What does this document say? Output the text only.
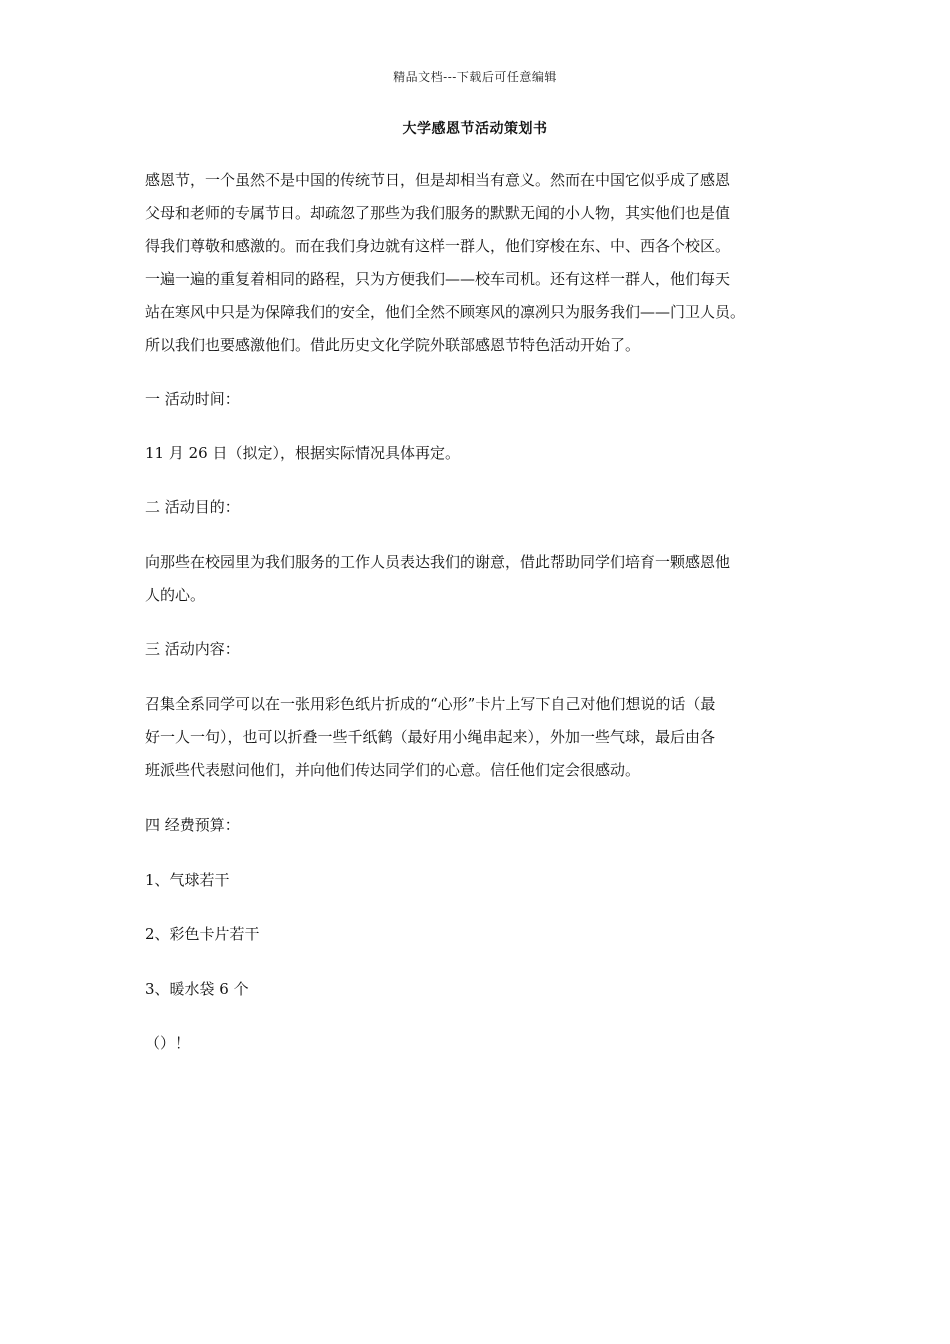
精品文档---下载后可任意编辑
大学感恩节活动策划书
感恩节，一个虽然不是中国的传统节日，但是却相当有意义。然而在中国它似乎成了感恩
父母和老师的专属节日。却疏忽了那些为我们服务的默默无闻的小人物，其实他们也是值
得我们尊敬和感激的。而在我们身边就有这样一群人，他们穿梭在东、中、西各个校区。
一遍一遍的重复着相同的路程，只为方便我们——校车司机。还有这样一群人，他们每天
站在寒风中只是为保障我们的安全，他们全然不顾寒风的凛冽只为服务我们——门卫人员。
所以我们也要感激他们。借此历史文化学院外联部感恩节特色活动开始了。
一 活动时间：
11 月 26 日（拟定），根据实际情况具体再定。
二 活动目的：
向那些在校园里为我们服务的工作人员表达我们的谢意，借此帮助同学们培育一颗感恩他
人的心。
三 活动内容：
召集全系同学可以在一张用彩色纸片折成的“心形”卡片上写下自己对他们想说的话（最
好一人一句），也可以折叠一些千纸鹤（最好用小绳串起来），外加一些气球，最后由各
班派些代表慰问他们，并向他们传达同学们的心意。信任他们定会很感动。
四 经费预算：
1、气球若干
2、彩色卡片若干
3、暖水袋 6 个
（）！
